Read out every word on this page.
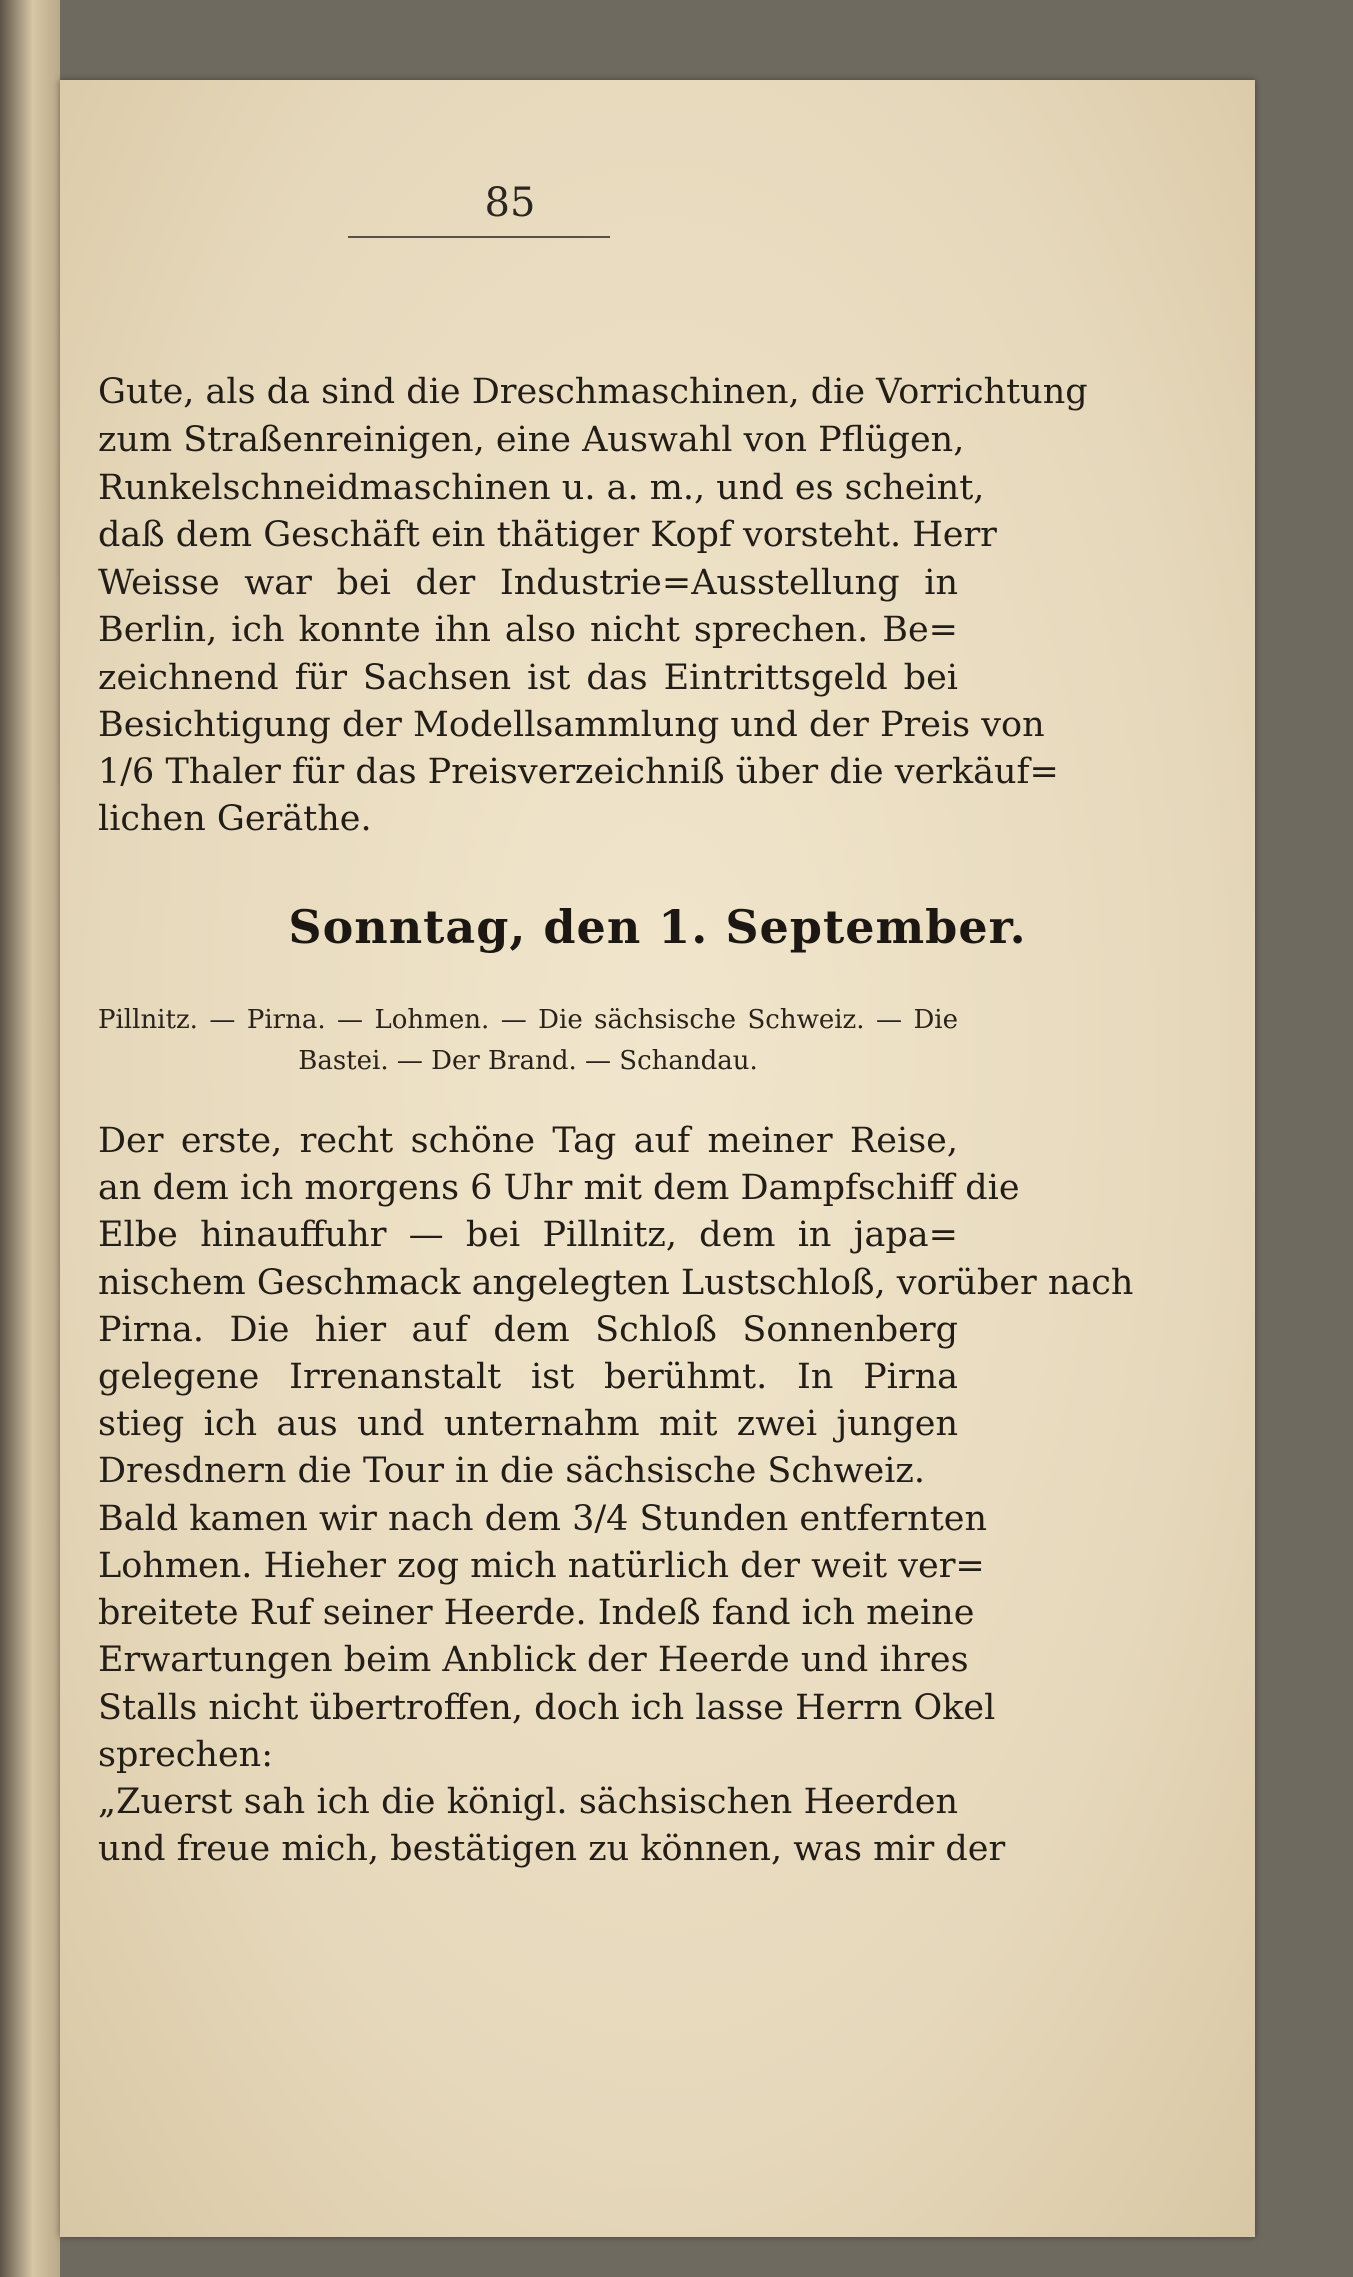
85
Gute, als da sind die Dreschmaschinen, die Vorrichtung
zum Straßenreinigen, eine Auswahl von Pflügen,
Runkelschneidmaschinen u. a. m., und es scheint,
daß dem Geschäft ein thätiger Kopf vorsteht. Herr
Weisse war bei der Industrie=Ausstellung in
Berlin, ich konnte ihn also nicht sprechen. Be=
zeichnend für Sachsen ist das Eintrittsgeld bei
Besichtigung der Modellsammlung und der Preis von
1/6 Thaler für das Preisverzeichniß über die verkäuf=
lichen Geräthe.
Sonntag, den 1. September.
Pillnitz. — Pirna. — Lohmen. — Die sächsische Schweiz. — Die
Bastei. — Der Brand. — Schandau.
Der erste, recht schöne Tag auf meiner Reise,
an dem ich morgens 6 Uhr mit dem Dampfschiff die
Elbe hinauffuhr — bei Pillnitz, dem in japa=
nischem Geschmack angelegten Lustschloß, vorüber nach
Pirna. Die hier auf dem Schloß Sonnenberg
gelegene Irrenanstalt ist berühmt. In Pirna
stieg ich aus und unternahm mit zwei jungen
Dresdnern die Tour in die sächsische Schweiz.
Bald kamen wir nach dem 3/4 Stunden entfernten
Lohmen. Hieher zog mich natürlich der weit ver=
breitete Ruf seiner Heerde. Indeß fand ich meine
Erwartungen beim Anblick der Heerde und ihres
Stalls nicht übertroffen, doch ich lasse Herrn Okel
sprechen:
„Zuerst sah ich die königl. sächsischen Heerden
und freue mich, bestätigen zu können, was mir der
